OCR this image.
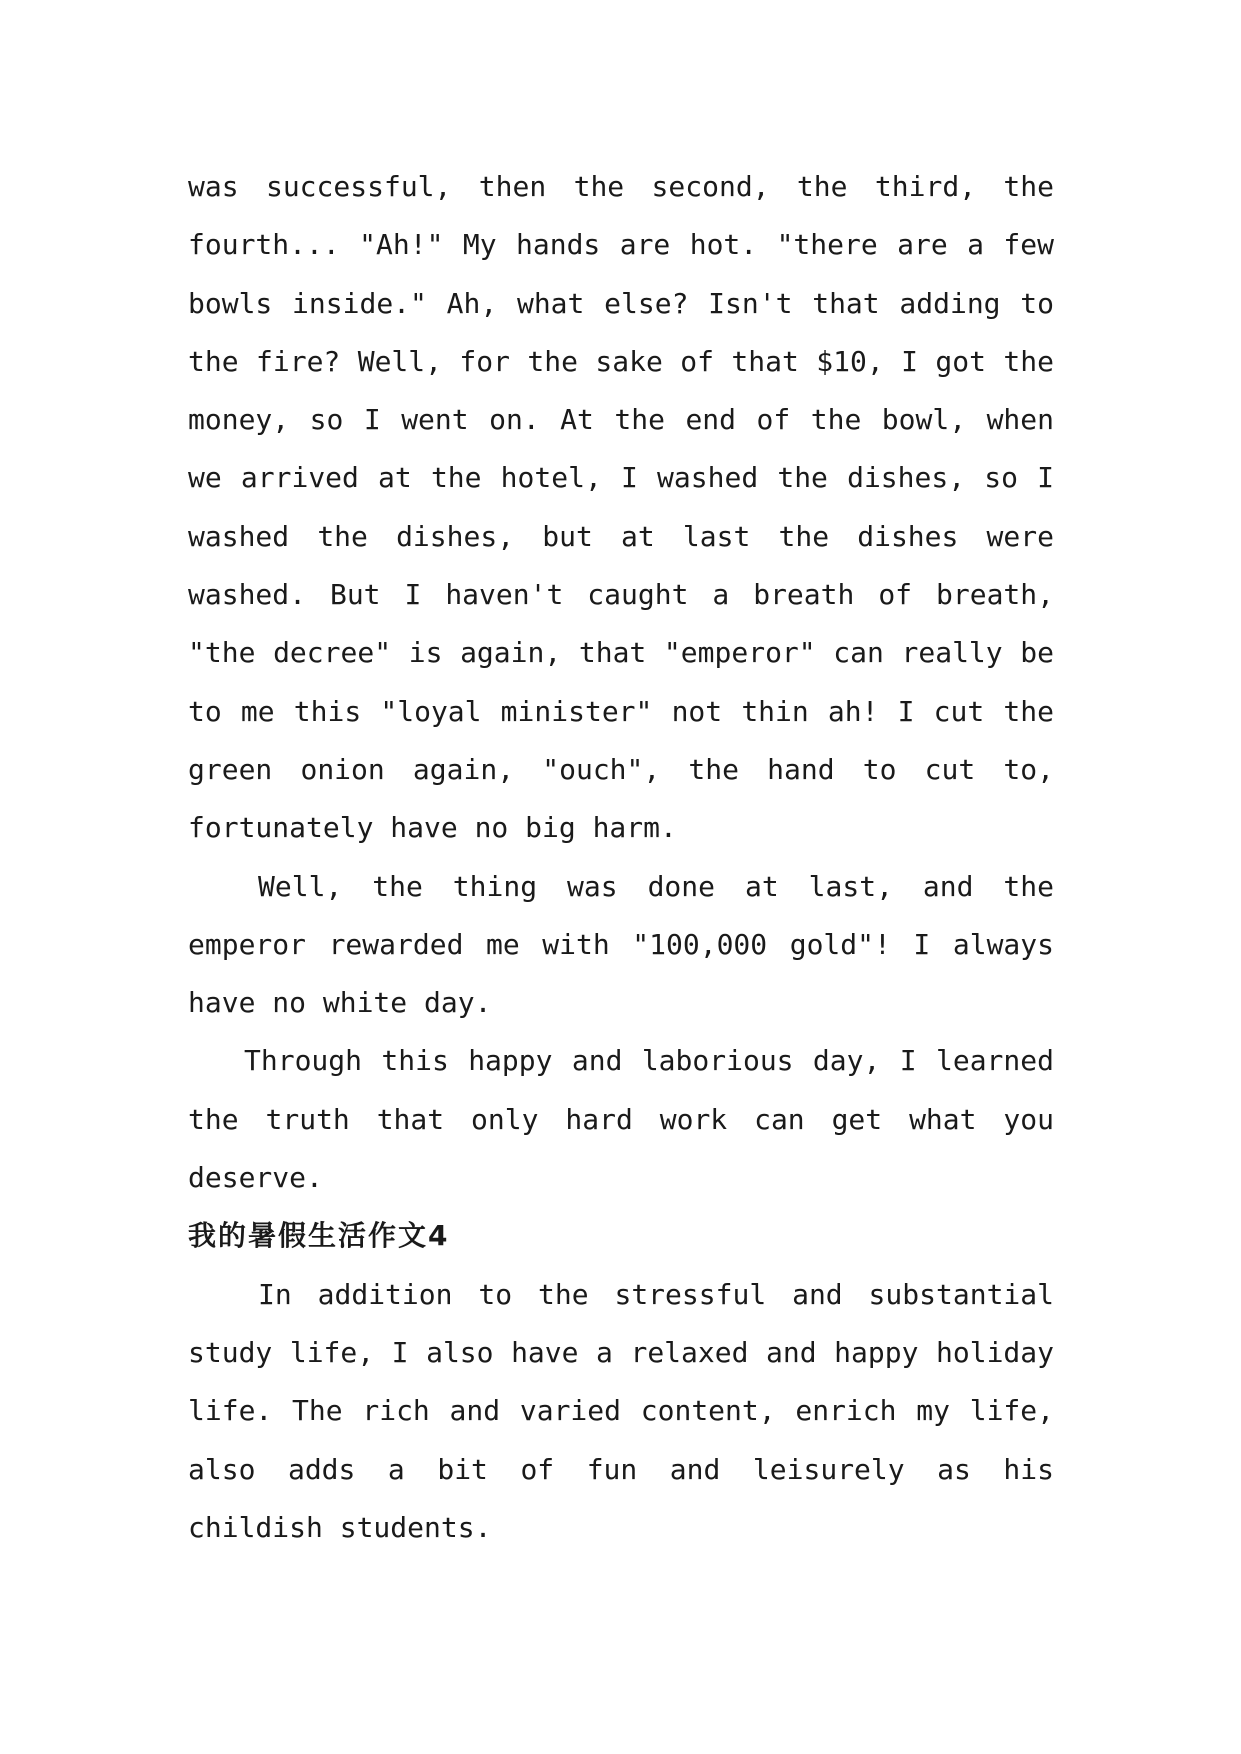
was successful, then the second, the third, the fourth... "Ah!" My hands are hot. "there are a few bowls inside." Ah, what else? Isn't that adding to the fire? Well, for the sake of that $10, I got the money, so I went on. At the end of the bowl, when we arrived at the hotel, I washed the dishes, so I washed the dishes, but at last the dishes were washed. But I haven't caught a breath of breath, "the decree" is again, that "emperor" can really be to me this "loyal minister" not thin ah! I cut the green onion again, "ouch", the hand to cut to, fortunately have no big harm.

Well, the thing was done at last, and the emperor rewarded me with "100,000 gold"! I always have no white day.

Through this happy and laborious day, I learned the truth that only hard work can get what you deserve.

我的暑假生活作文4

In addition to the stressful and substantial study life, I also have a relaxed and happy holiday life. The rich and varied content, enrich my life, also adds a bit of fun and leisurely as his childish students.
